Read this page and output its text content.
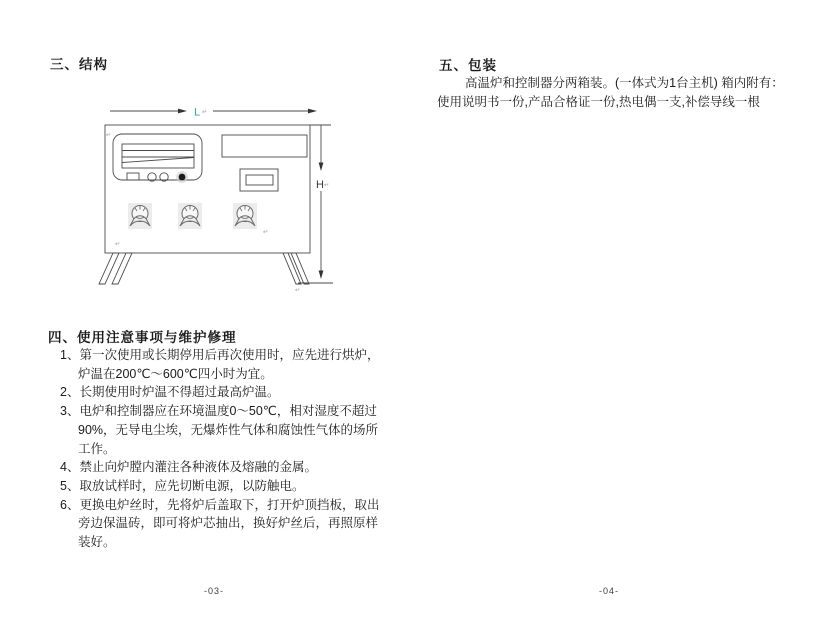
三、结构
L ↵
H ↵
↵
↵
↵
↵
四、使用注意事项与维护修理
1、第一次使用或长期停用后再次使用时，应先进行烘炉，
炉温在200℃～600℃四小时为宜。
2、长期使用时炉温不得超过最高炉温。
3、电炉和控制器应在环境温度0～50℃，相对湿度不超过
90%，无导电尘埃，无爆炸性气体和腐蚀性气体的场所
工作。
4、禁止向炉膛内灌注各种液体及熔融的金属。
5、取放试样时，应先切断电源，以防触电。
6、更换电炉丝时，先将炉后盖取下，打开炉顶挡板，取出
旁边保温砖，即可将炉芯抽出，换好炉丝后，再照原样
装好。
-03-
五、包装
高温炉和控制器分两箱装。(一体式为1台主机) 箱内附有：
使用说明书一份,产品合格证一份,热电偶一支,补偿导线一根
-04-
